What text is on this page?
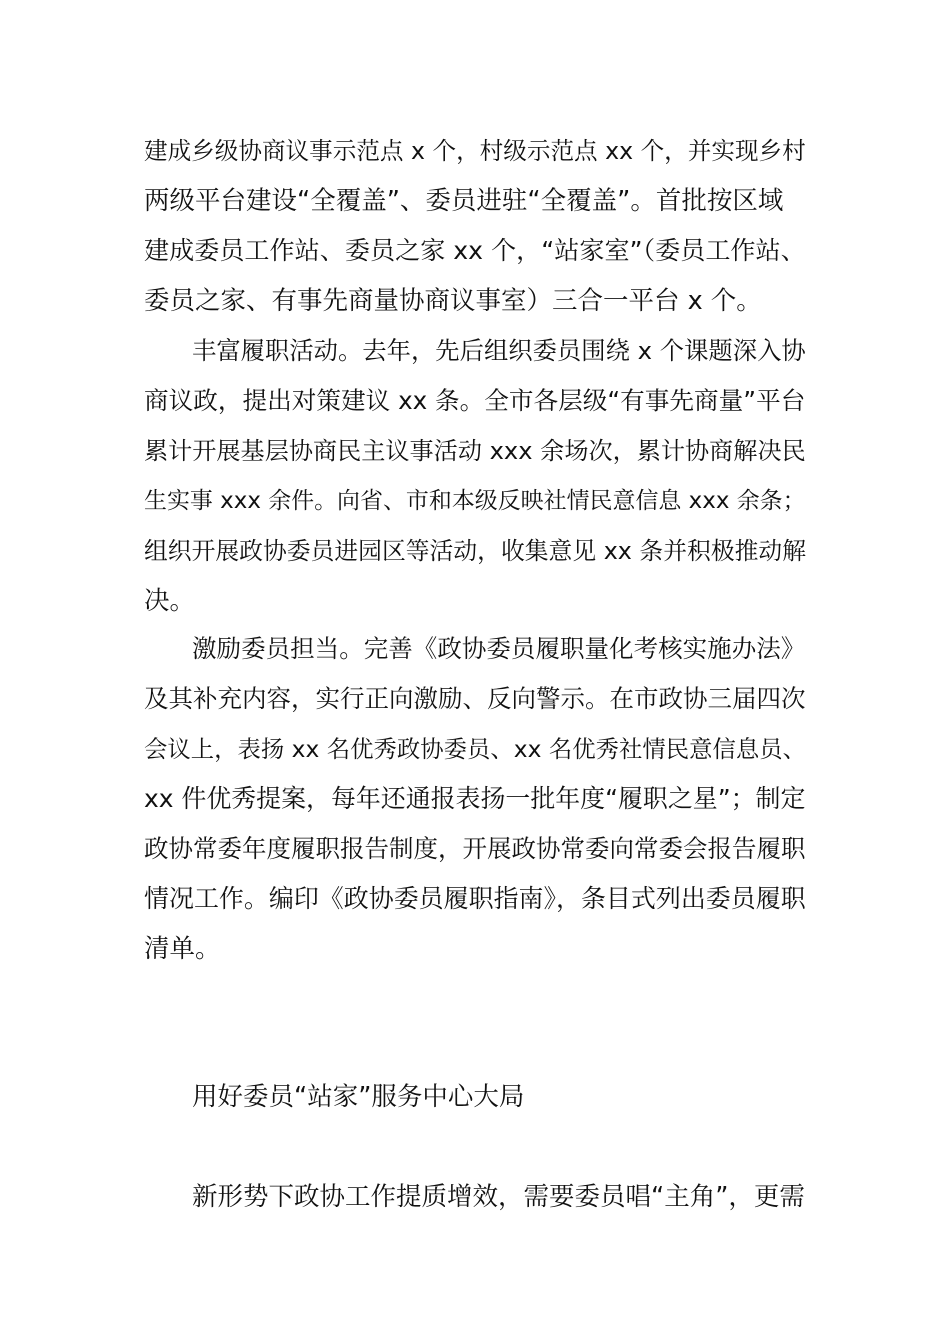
建成乡级协商议事示范点 x 个，村级示范点 xx 个，并实现乡村
两级平台建设“全覆盖”、委员进驻“全覆盖”。首批按区域
建成委员工作站、委员之家 xx 个，“站家室”（委员工作站、
委员之家、有事先商量协商议事室）三合一平台 x 个。
丰富履职活动。去年，先后组织委员围绕 x 个课题深入协
商议政，提出对策建议 xx 条。全市各层级“有事先商量”平台
累计开展基层协商民主议事活动 xxx 余场次，累计协商解决民
生实事 xxx 余件。向省、市和本级反映社情民意信息 xxx 余条；
组织开展政协委员进园区等活动，收集意见 xx 条并积极推动解
决。
激励委员担当。完善《政协委员履职量化考核实施办法》
及其补充内容，实行正向激励、反向警示。在市政协三届四次
会议上，表扬 xx 名优秀政协委员、xx 名优秀社情民意信息员、
xx 件优秀提案，每年还通报表扬一批年度“履职之星”；制定
政协常委年度履职报告制度，开展政协常委向常委会报告履职
情况工作。编印《政协委员履职指南》，条目式列出委员履职
清单。
用好委员“站家”服务中心大局
新形势下政协工作提质增效，需要委员唱“主角”，更需
